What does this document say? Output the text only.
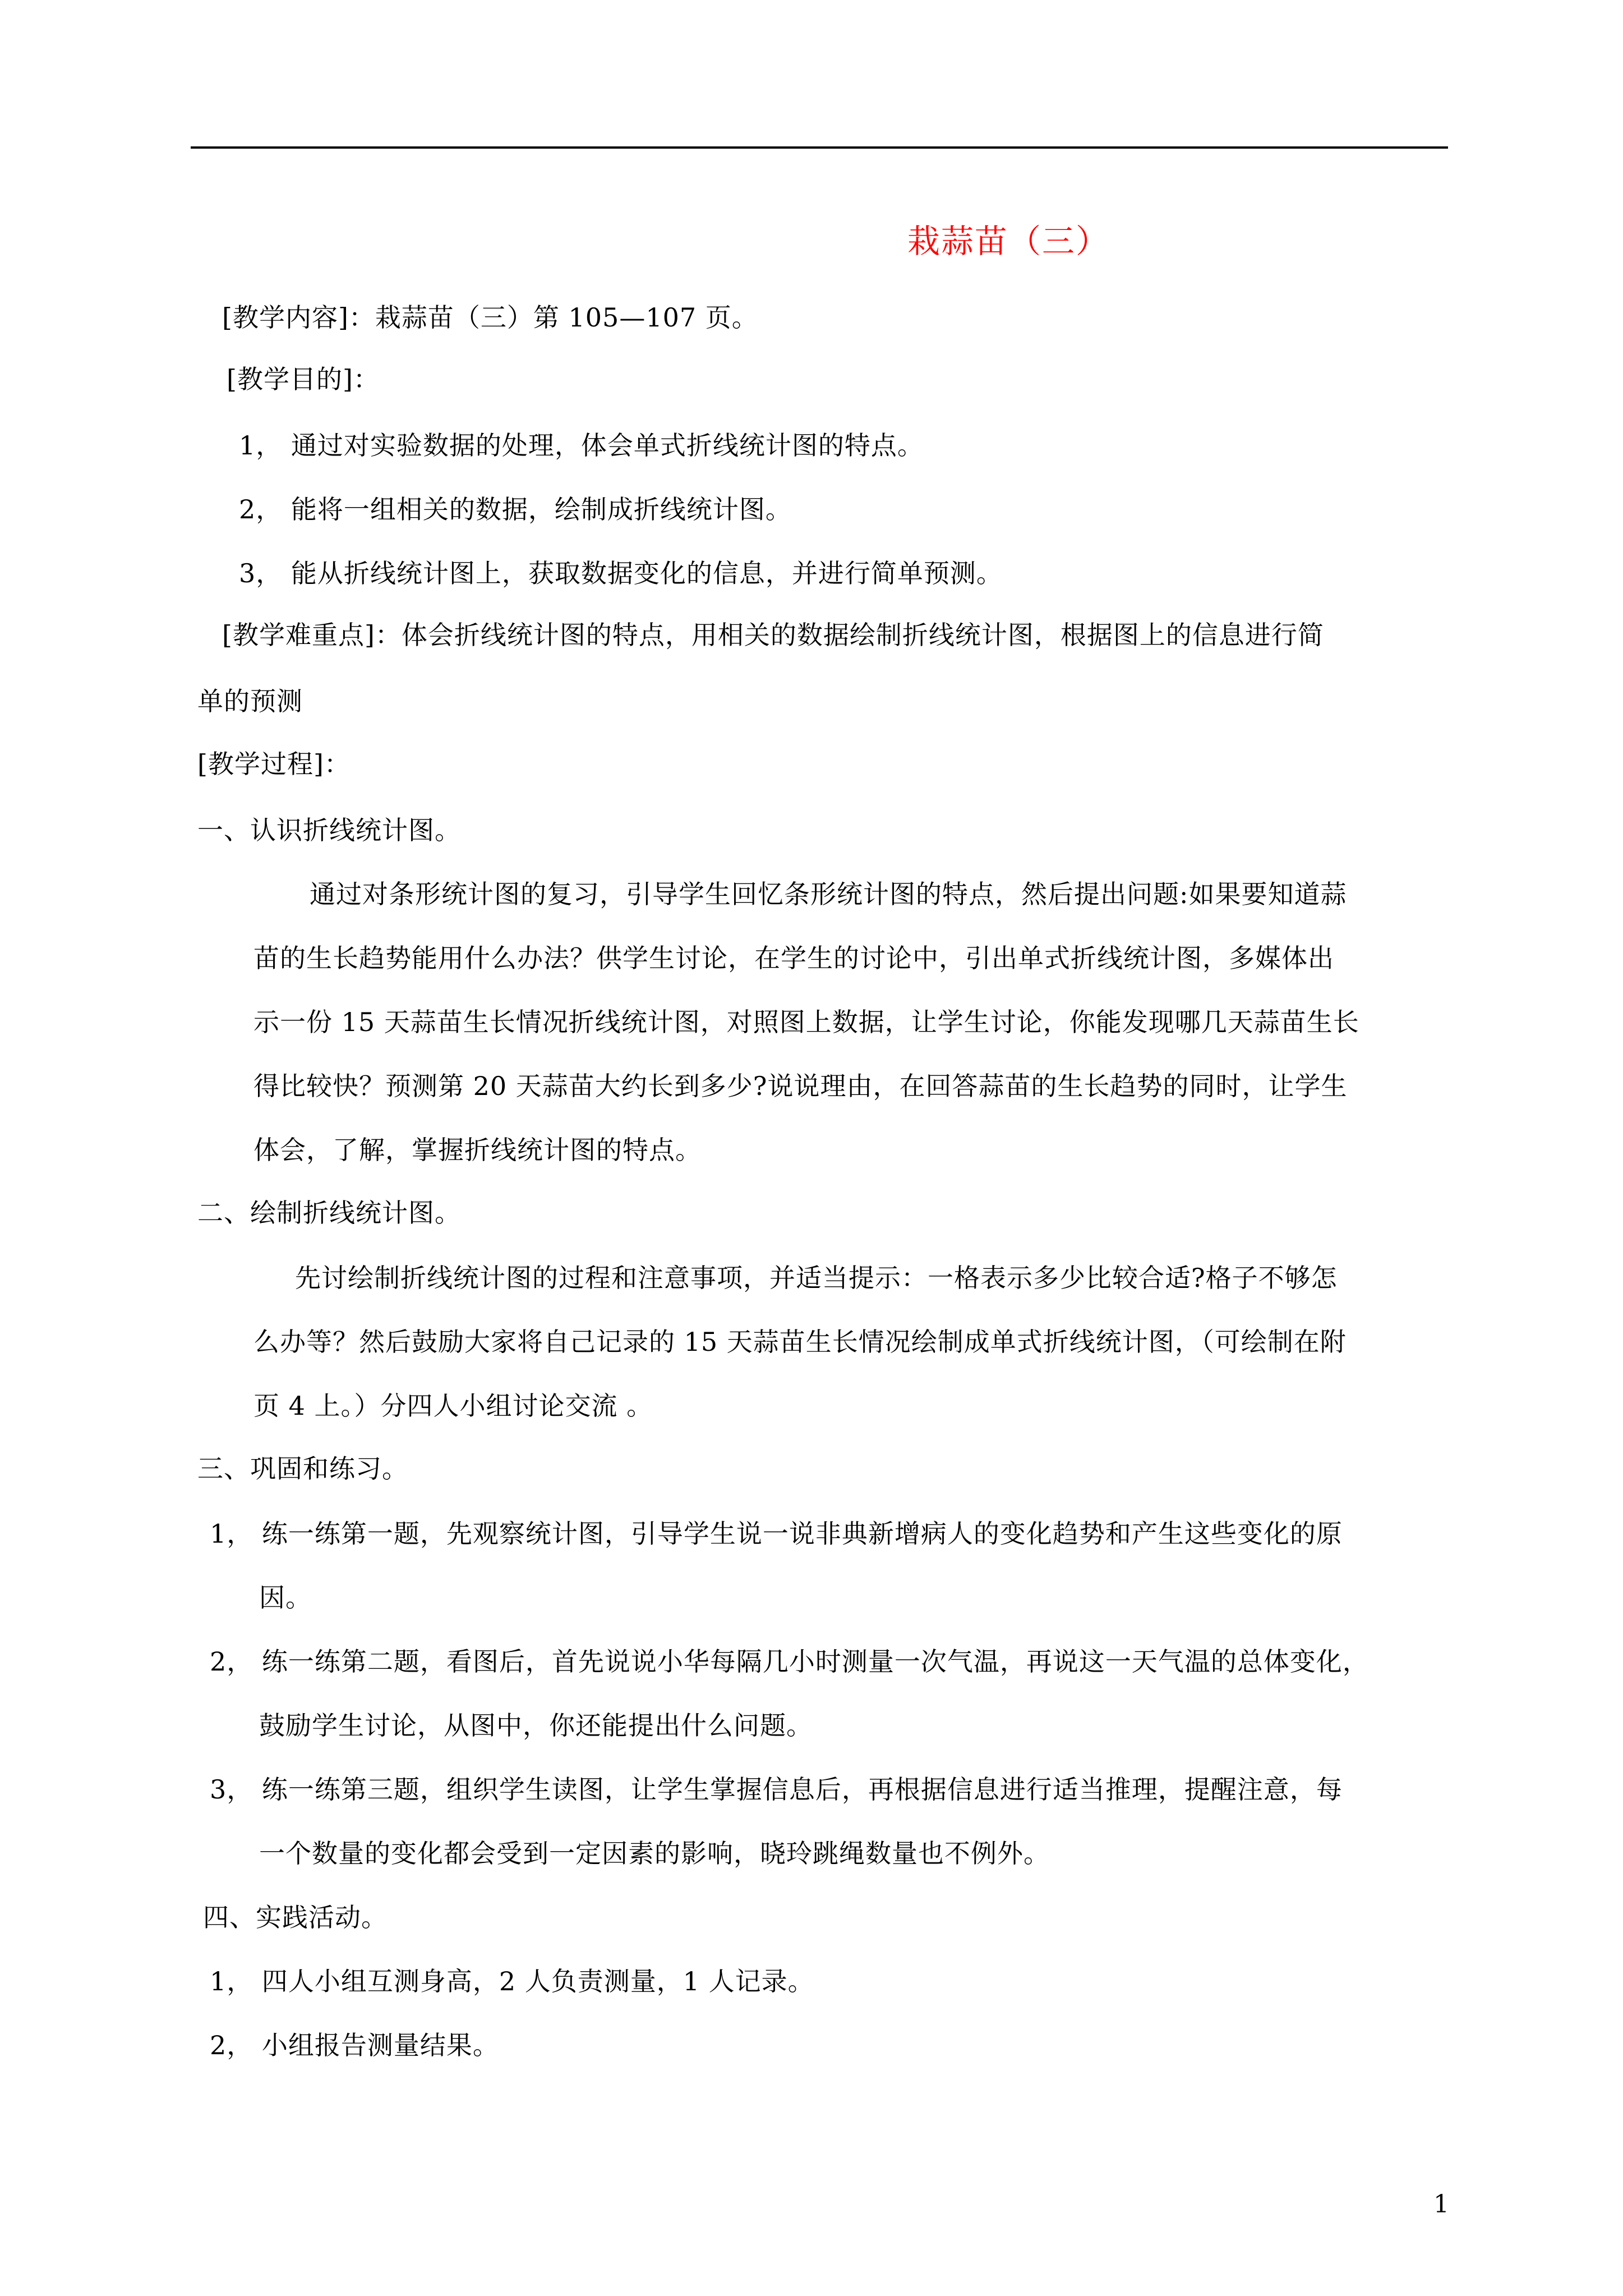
栽蒜苗（三）
[教学内容]：栽蒜苗（三）第 105—107 页。
[教学目的]：
1， 通过对实验数据的处理，体会单式折线统计图的特点。
2， 能将一组相关的数据，绘制成折线统计图。
3， 能从折线统计图上，获取数据变化的信息，并进行简单预测。
[教学难重点]：体会折线统计图的特点，用相关的数据绘制折线统计图，根据图上的信息进行简
单的预测
[教学过程]：
一、认识折线统计图。
通过对条形统计图的复习，引导学生回忆条形统计图的特点，然后提出问题:如果要知道蒜
苗的生长趋势能用什么办法？供学生讨论，在学生的讨论中，引出单式折线统计图，多媒体出
示一份 15 天蒜苗生长情况折线统计图，对照图上数据，让学生讨论，你能发现哪几天蒜苗生长
得比较快？预测第 20 天蒜苗大约长到多少?说说理由，在回答蒜苗的生长趋势的同时，让学生
体会，了解，掌握折线统计图的特点。
二、绘制折线统计图。
先讨绘制折线统计图的过程和注意事项，并适当提示：一格表示多少比较合适?格子不够怎
么办等？然后鼓励大家将自己记录的 15 天蒜苗生长情况绘制成单式折线统计图，（可绘制在附
页 4 上。）分四人小组讨论交流 。
三、巩固和练习。
1， 练一练第一题，先观察统计图，引导学生说一说非典新增病人的变化趋势和产生这些变化的原
因。
2， 练一练第二题，看图后，首先说说小华每隔几小时测量一次气温，再说这一天气温的总体变化，
鼓励学生讨论，从图中，你还能提出什么问题。
3， 练一练第三题，组织学生读图，让学生掌握信息后，再根据信息进行适当推理，提醒注意，每
一个数量的变化都会受到一定因素的影响，晓玲跳绳数量也不例外。
四、实践活动。
1， 四人小组互测身高，2 人负责测量，1 人记录。
2， 小组报告测量结果。
1
